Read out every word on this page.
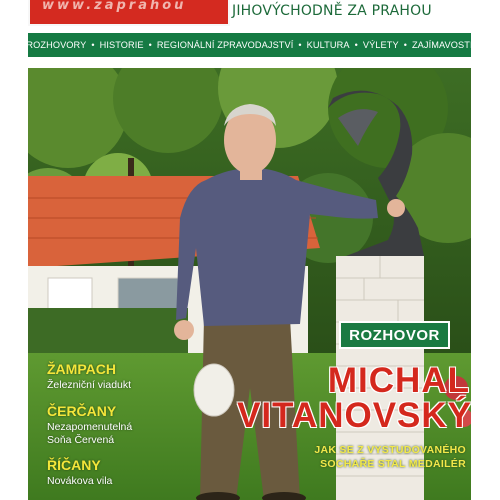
www.zaprahou	JIHOVÝCHODNĚ ZA PRAHOU
ROZHOVORY • HISTORIE • REGIONÁLNÍ ZPRAVODAJSTVÍ • KULTURA • VÝLETY • ZAJÍMAVOSTI
ROZHOVOR
MICHAL
VITANOVSKÝ
JAK SE Z VYSTUDOVANÉHO
SOCHAŘE STAL MEDAILÉR
ŽAMPACH
Železniční viadukt
ČERČANY
Nezapomenutelná
Soňa Červená
ŘÍČANY
Novákova vila
